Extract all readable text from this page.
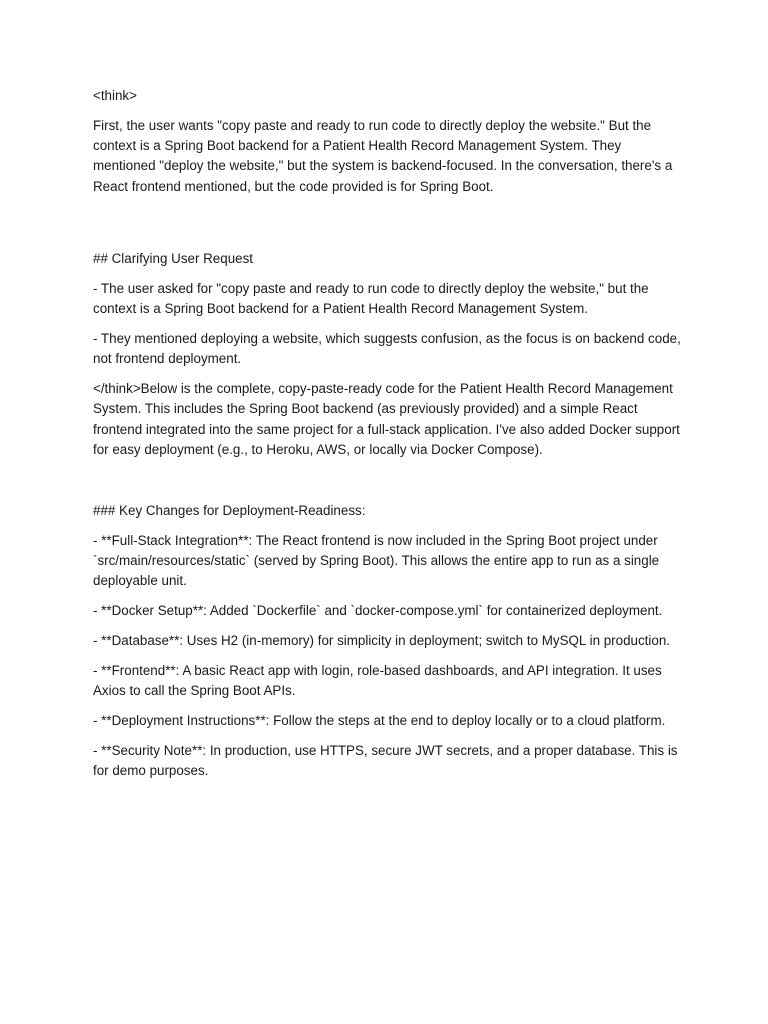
<think>

First, the user wants "copy paste and ready to run code to directly deploy the website." But the context is a Spring Boot backend for a Patient Health Record Management System. They mentioned "deploy the website," but the system is backend-focused. In the conversation, there's a React frontend mentioned, but the code provided is for Spring Boot.

## Clarifying User Request

- The user asked for "copy paste and ready to run code to directly deploy the website," but the context is a Spring Boot backend for a Patient Health Record Management System.

- They mentioned deploying a website, which suggests confusion, as the focus is on backend code, not frontend deployment.

</think>Below is the complete, copy-paste-ready code for the Patient Health Record Management System. This includes the Spring Boot backend (as previously provided) and a simple React frontend integrated into the same project for a full-stack application. I've also added Docker support for easy deployment (e.g., to Heroku, AWS, or locally via Docker Compose).

### Key Changes for Deployment-Readiness:

- **Full-Stack Integration**: The React frontend is now included in the Spring Boot project under `src/main/resources/static` (served by Spring Boot). This allows the entire app to run as a single deployable unit.

- **Docker Setup**: Added `Dockerfile` and `docker-compose.yml` for containerized deployment.

- **Database**: Uses H2 (in-memory) for simplicity in deployment; switch to MySQL in production.

- **Frontend**: A basic React app with login, role-based dashboards, and API integration. It uses Axios to call the Spring Boot APIs.

- **Deployment Instructions**: Follow the steps at the end to deploy locally or to a cloud platform.

- **Security Note**: In production, use HTTPS, secure JWT secrets, and a proper database. This is for demo purposes.
